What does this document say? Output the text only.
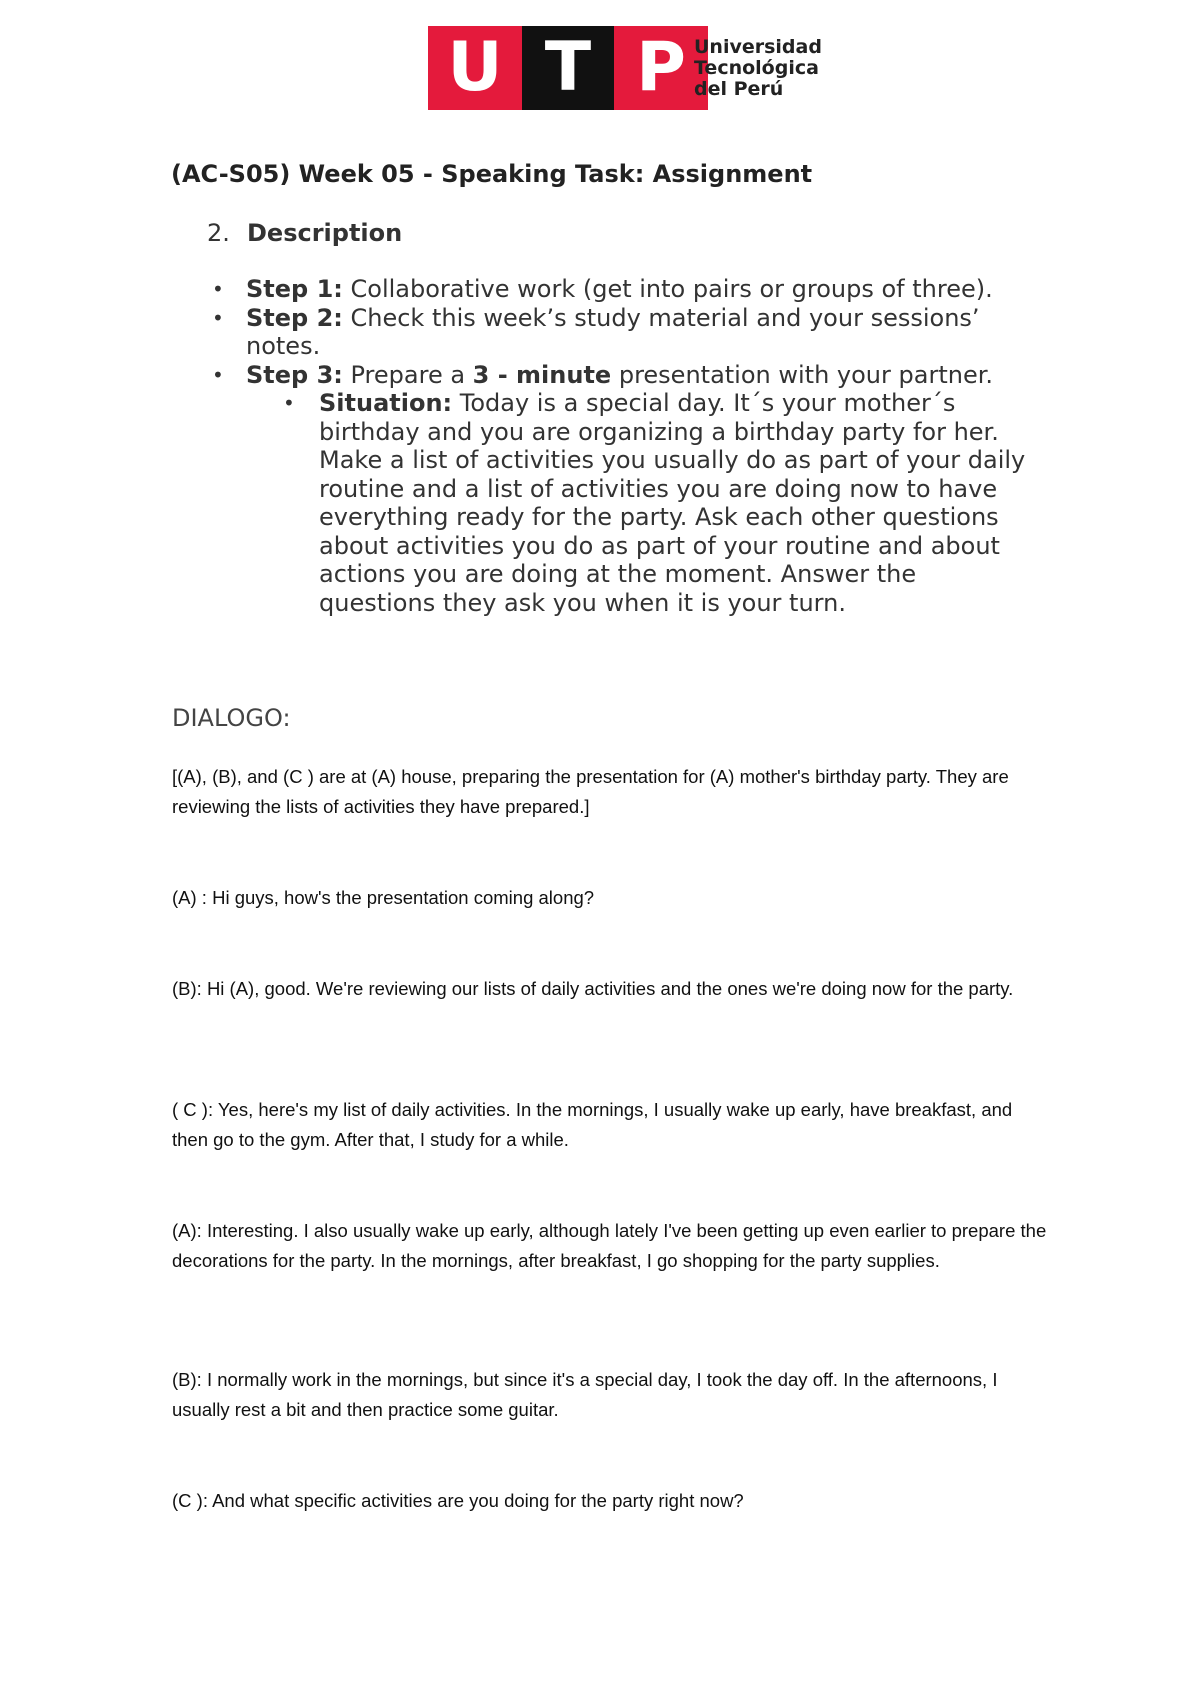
U T P Universidad
Tecnológica
del Perú
(AC-S05) Week 05 - Speaking Task: Assignment
2. Description
• Step 1: Collaborative work (get into pairs or groups of three).
• Step 2: Check this week’s study material and your sessions’ notes.
• Step 3: Prepare a 3 - minute presentation with your partner.
• Situation: Today is a special day. It´s your mother´s birthday and you are organizing a birthday party for her. Make a list of activities you usually do as part of your daily routine and a list of activities you are doing now to have everything ready for the party. Ask each other questions about activities you do as part of your routine and about actions you are doing at the moment. Answer the questions they ask you when it is your turn.
DIALOGO:
[(A), (B), and (C ) are at (A) house, preparing the presentation for (A) mother's birthday party. They are reviewing the lists of activities they have prepared.]
(A) : Hi guys, how's the presentation coming along?
(B): Hi (A), good. We're reviewing our lists of daily activities and the ones we're doing now for the party.
( C ): Yes, here's my list of daily activities. In the mornings, I usually wake up early, have breakfast, and then go to the gym. After that, I study for a while.
(A): Interesting. I also usually wake up early, although lately I've been getting up even earlier to prepare the decorations for the party. In the mornings, after breakfast, I go shopping for the party supplies.
(B): I normally work in the mornings, but since it's a special day, I took the day off. In the afternoons, I usually rest a bit and then practice some guitar.
(C ): And what specific activities are you doing for the party right now?
